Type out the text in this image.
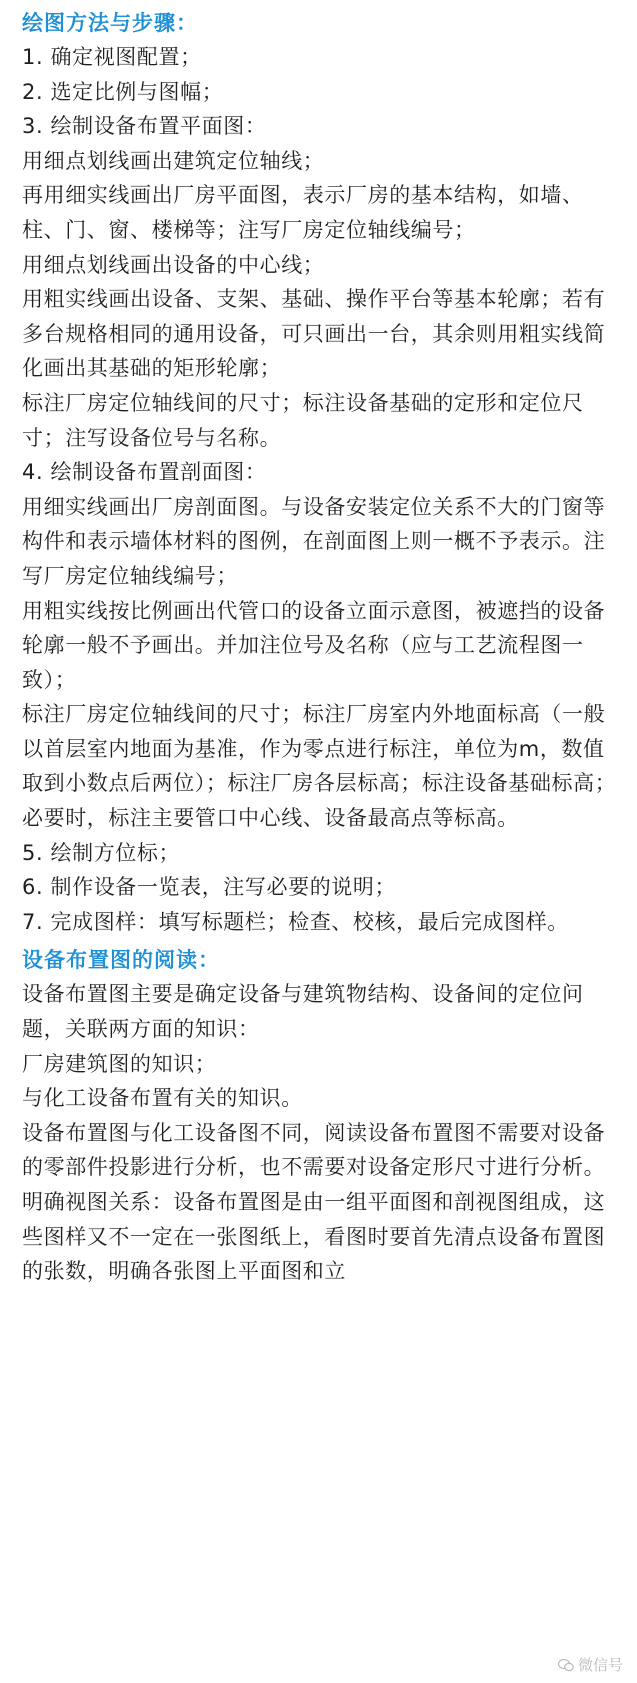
绘图方法与步骤：

1. 确定视图配置；

2. 选定比例与图幅；

3. 绘制设备布置平面图：

用细点划线画出建筑定位轴线；

再用细实线画出厂房平面图，表示厂房的基本结构，如墙、柱、门、窗、楼梯等；注写厂房定位轴线编号；

用细点划线画出设备的中心线；

用粗实线画出设备、支架、基础、操作平台等基本轮廓；若有多台规格相同的通用设备，可只画出一台，其余则用粗实线简化画出其基础的矩形轮廓；

标注厂房定位轴线间的尺寸；标注设备基础的定形和定位尺寸；注写设备位号与名称。

4. 绘制设备布置剖面图：

用细实线画出厂房剖面图。与设备安装定位关系不大的门窗等构件和表示墙体材料的图例，在剖面图上则一概不予表示。注写厂房定位轴线编号；

用粗实线按比例画出代管口的设备立面示意图，被遮挡的设备轮廓一般不予画出。并加注位号及名称（应与工艺流程图一致）；

标注厂房定位轴线间的尺寸；标注厂房室内外地面标高（一般以首层室内地面为基准，作为零点进行标注，单位为m，数值取到小数点后两位）；标注厂房各层标高；标注设备基础标高；必要时，标注主要管口中心线、设备最高点等标高。

5. 绘制方位标；

6. 制作设备一览表，注写必要的说明；

7. 完成图样：填写标题栏；检查、校核，最后完成图样。

设备布置图的阅读：

设备布置图主要是确定设备与建筑物结构、设备间的定位问题，关联两方面的知识：

厂房建筑图的知识；

与化工设备布置有关的知识。

设备布置图与化工设备图不同，阅读设备布置图不需要对设备的零部件投影进行分析，也不需要对设备定形尺寸进行分析。

明确视图关系：设备布置图是由一组平面图和剖视图组成，这些图样又不一定在一张图纸上，看图时要首先清点设备布置图的张数，明确各张图上平面图和立

微信号
